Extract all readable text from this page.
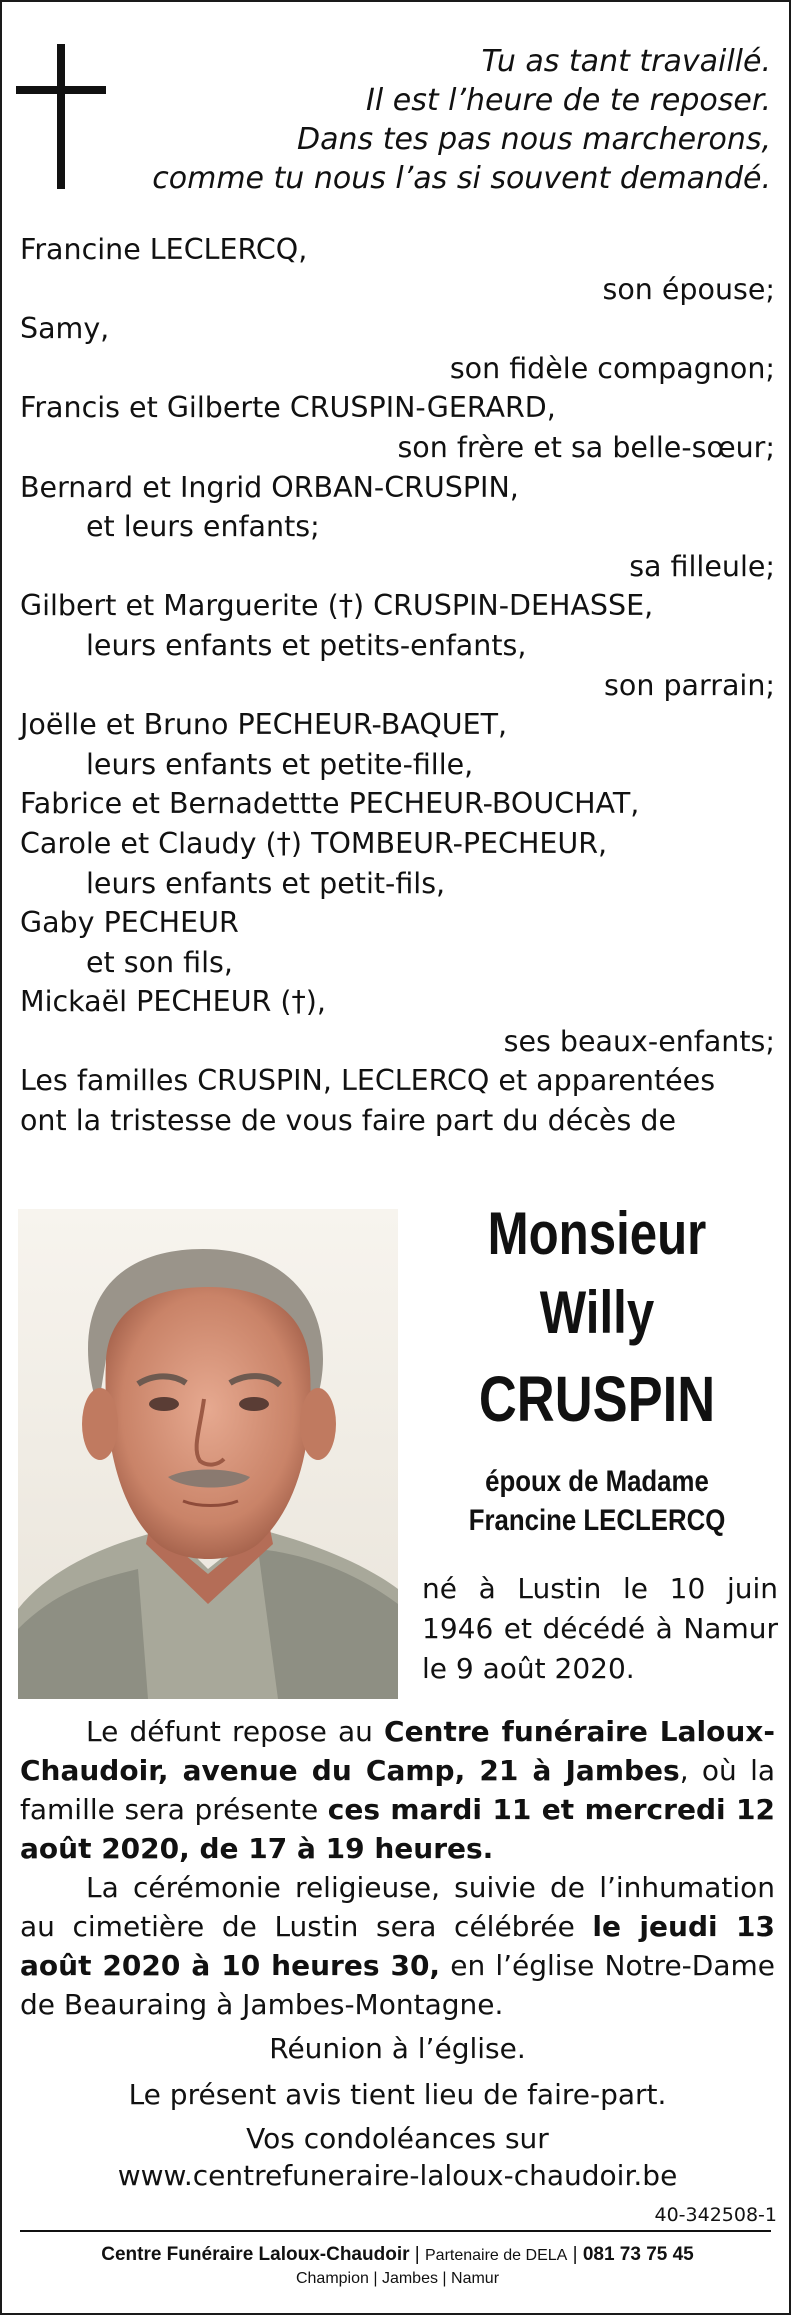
Tu as tant travaillé.
Il est l’heure de te reposer.
Dans tes pas nous marcherons,
comme tu nous l’as si souvent demandé.
Francine LECLERCQ,
son épouse;
Samy,
son fidèle compagnon;
Francis et Gilberte CRUSPIN-GERARD,
son frère et sa belle-sœur;
Bernard et Ingrid ORBAN-CRUSPIN,
et leurs enfants;
sa filleule;
Gilbert et Marguerite (†) CRUSPIN-DEHASSE,
leurs enfants et petits-enfants,
son parrain;
Joëlle et Bruno PECHEUR-BAQUET,
leurs enfants et petite-fille,
Fabrice et Bernadettte PECHEUR-BOUCHAT,
Carole et Claudy (†) TOMBEUR-PECHEUR,
leurs enfants et petit-fils,
Gaby PECHEUR
et son fils,
Mickaël PECHEUR (†),
ses beaux-enfants;
Les familles CRUSPIN, LECLERCQ et apparentées
ont la tristesse de vous faire part du décès de
Monsieur
Willy
CRUSPIN
époux de Madame
Francine LECLERCQ
né à Lustin le 10 juin 1946 et décédé à Namur le 9 août 2020.
Le défunt repose au Centre funéraire Laloux-Chaudoir, avenue du Camp, 21 à Jambes, où la famille sera présente ces mardi 11 et mercredi 12 août 2020, de 17 à 19 heures.
La cérémonie religieuse, suivie de l’inhumation au cimetière de Lustin sera célébrée le jeudi 13 août 2020 à 10 heures 30, en l’église Notre-Dame de Beauraing à Jambes-Montagne.
Réunion à l’église.
Le présent avis tient lieu de faire-part.
Vos condoléances sur
www.centrefuneraire-laloux-chaudoir.be
40-342508-1
Centre Funéraire Laloux-Chaudoir | Partenaire de DELA | 081 73 75 45
Champion | Jambes | Namur
